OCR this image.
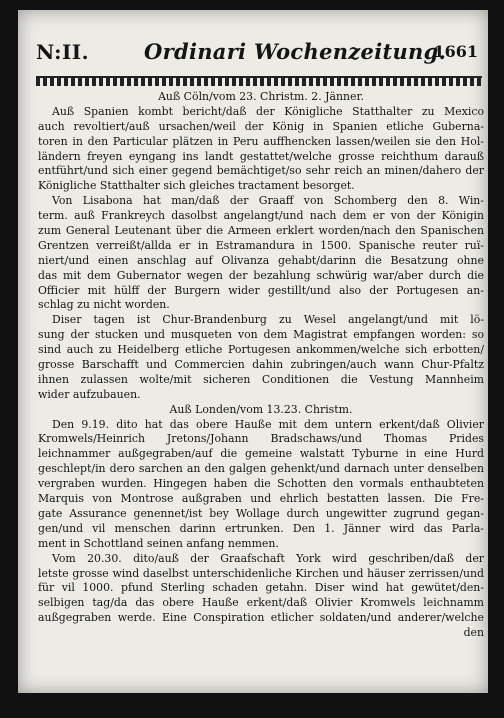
N:II.	Ordinari Wochenzeitung.
1661
Auß Cöln/vom 23. Christm. 2. Jänner.
Auß Spanien kombt bericht/daß der Königliche Statthalter zu Mexico
auch revoltiert/auß ursachen/weil der König in Spanien etliche Guberna-
toren in den Particular plätzen in Peru auffhencken lassen/weilen sie den Hol-
ländern freyen eyngang ins landt gestattet/welche grosse reichthum darauß
entführt/und sich einer gegend bemächtiget/so sehr reich an minen/dahero der
Königliche Statthalter sich gleiches tractament besorget.
Von Lisabona hat man/daß der Graaff von Schomberg den 8. Win-
term. auß Frankreych dasolbst angelangt/und nach dem er von der Königin
zum General Leutenant über die Armeen erklert worden/nach den Spanischen
Grentzen verreißt/allda er in Estramandura in 1500. Spanische reuter ruï-
niert/und einen anschlag auf Olivanza gehabt/darinn die Besatzung ohne
das mit dem Gubernator wegen der bezahlung schwürig war/aber durch die
Officier mit hülff der Burgern wider gestillt/und also der Portugesen an-
schlag zu nicht worden.
Diser tagen ist Chur-Brandenburg zu Wesel angelangt/und mit lö-
sung der stucken und musqueten von dem Magistrat empfangen worden: so
sind auch zu Heidelberg etliche Portugesen ankommen/welche sich erbotten/
grosse Barschafft und Commercien dahin zubringen/auch wann Chur-Pfaltz
ihnen zulassen wolte/mit sicheren Conditionen die Vestung Mannheim
wider aufzubauen.
Auß Londen/vom 13.23. Christm.
Den 9.19. dito hat das obere Hauße mit dem untern erkent/daß Olivier
Kromwels/Heinrich Jretons/Johann Bradschaws/und Thomas Prides
leichnammer außgegraben/auf die gemeine walstatt Tyburne in eine Hurd
geschlept/in dero sarchen an den galgen gehenkt/und darnach unter denselben
vergraben wurden. Hingegen haben die Schotten den vormals enthaubteten
Marquis von Montrose außgraben und ehrlich bestatten lassen. Die Fre-
gate Assurance genennet/ist bey Wollage durch ungewitter zugrund gegan-
gen/und vil menschen darinn ertrunken. Den 1. Jänner wird das Parla-
ment in Schottland seinen anfang nemmen.
Vom 20.30. dito/auß der Graafschaft York wird geschriben/daß der
letste grosse wind daselbst unterschidenliche Kirchen und häuser zerrissen/und
für vil 1000. pfund Sterling schaden getahn. Diser wind hat gewütet/den-
selbigen tag/da das obere Hauße erkent/daß Olivier Kromwels leichnamm
außgegraben werde. Eine Conspiration etlicher soldaten/und anderer/welche
den
